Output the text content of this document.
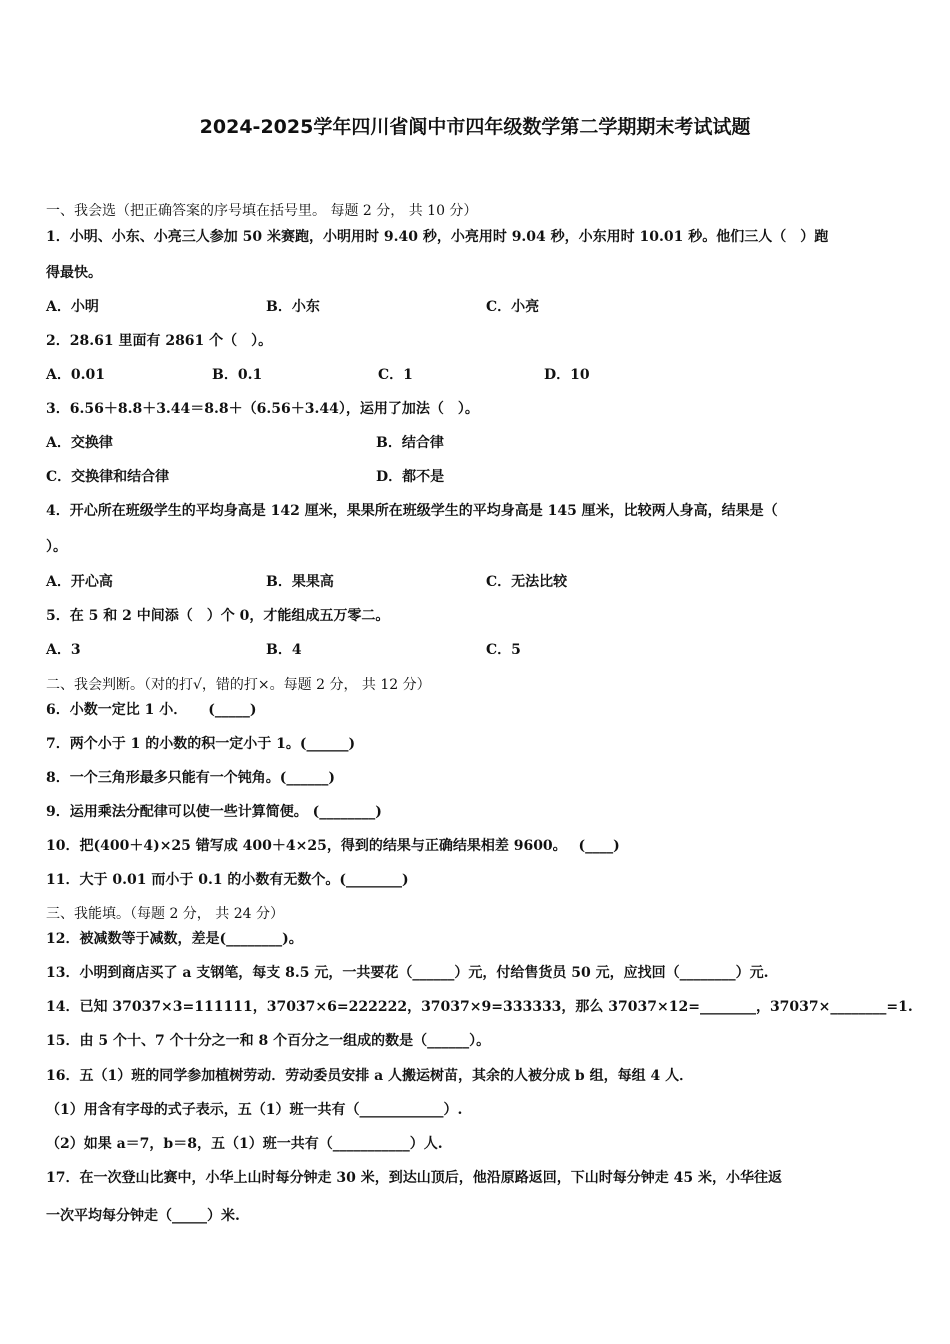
2024-2025学年四川省阆中市四年级数学第二学期期末考试试题
一、我会选（把正确答案的序号填在括号里。 每题 2 分， 共 10 分）
1．小明、小东、小亮三人参加 50 米赛跑，小明用时 9.40 秒，小亮用时 9.04 秒，小东用时 10.01 秒。他们三人（　）跑
得最快。
A．小明	B．小东	C．小亮
2．28.61 里面有 2861 个（　）。
A．0.01	B．0.1	C．1	D．10
3．6.56＋8.8＋3.44＝8.8＋（6.56＋3.44），运用了加法（　）。
A．交换律	B．结合律
C．交换律和结合律	D．都不是
4．开心所在班级学生的平均身高是 142 厘米，果果所在班级学生的平均身高是 145 厘米，比较两人身高，结果是（
）。
A．开心高	B．果果高	C．无法比较
5．在 5 和 2 中间添（　）个 0，才能组成五万零二。
A．3	B．4	C．5
二、我会判断。（对的打√，错的打×。每题 2 分， 共 12 分）
6．小数一定比 1 小．　　(_____)
7．两个小于 1 的小数的积一定小于 1。(______)
8．一个三角形最多只能有一个钝角。(______)
9．运用乘法分配律可以使一些计算简便。 (________)
10．把(400＋4)×25 错写成 400＋4×25，得到的结果与正确结果相差 9600。　 (____)
11．大于 0.01 而小于 0.1 的小数有无数个。(________)
三、我能填。（每题 2 分， 共 24 分）
12．被减数等于减数，差是(________)。
13．小明到商店买了 a 支钢笔，每支 8.5 元，一共要花（______）元，付给售货员 50 元，应找回（________）元.
14．已知 37037×3=111111，37037×6=222222，37037×9=333333，那么 37037×12=________，37037×________=1.
15．由 5 个十、7 个十分之一和 8 个百分之一组成的数是（______）。
16．五（1）班的同学参加植树劳动．劳动委员安排 a 人搬运树苗，其余的人被分成 b 组，每组 4 人．
（1）用含有字母的式子表示，五（1）班一共有（____________）.
（2）如果 a＝7，b＝8，五（1）班一共有（___________）人.
17．在一次登山比赛中，小华上山时每分钟走 30 米，到达山顶后，他沿原路返回，下山时每分钟走 45 米，小华往返
一次平均每分钟走（_____）米.
